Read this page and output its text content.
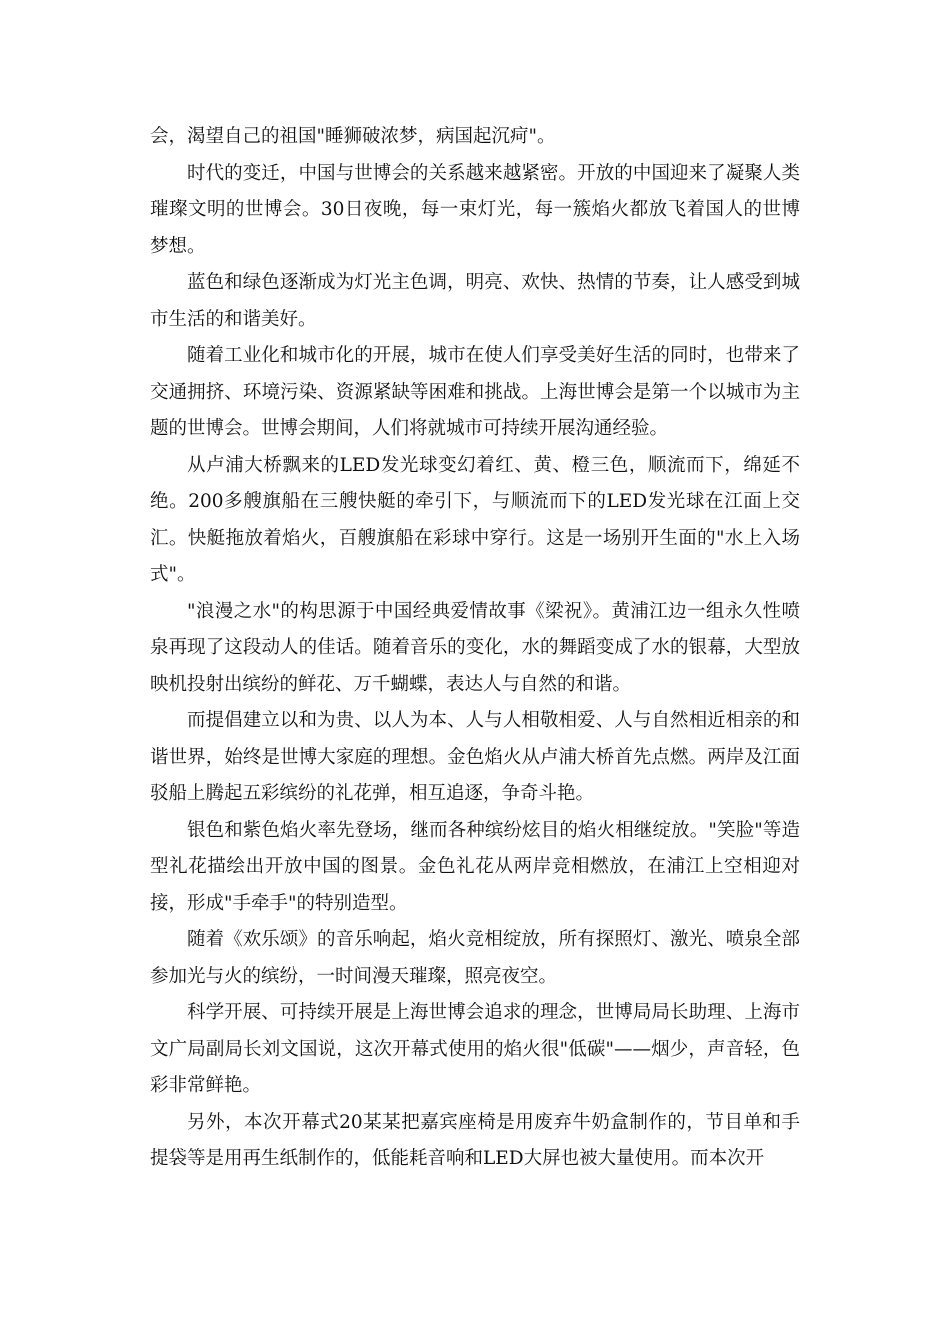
会，渴望自己的祖国"睡狮破浓梦，病国起沉疴"。

时代的变迁，中国与世博会的关系越来越紧密。开放的中国迎来了凝聚人类璀璨文明的世博会。30日夜晚，每一束灯光，每一簇焰火都放飞着国人的世博梦想。

蓝色和绿色逐渐成为灯光主色调，明亮、欢快、热情的节奏，让人感受到城市生活的和谐美好。

随着工业化和城市化的开展，城市在使人们享受美好生活的同时，也带来了交通拥挤、环境污染、资源紧缺等困难和挑战。上海世博会是第一个以城市为主题的世博会。世博会期间，人们将就城市可持续开展沟通经验。

从卢浦大桥飘来的LED发光球变幻着红、黄、橙三色，顺流而下，绵延不绝。200多艘旗船在三艘快艇的牵引下，与顺流而下的LED发光球在江面上交汇。快艇拖放着焰火，百艘旗船在彩球中穿行。这是一场别开生面的"水上入场式"。

"浪漫之水"的构思源于中国经典爱情故事《梁祝》。黄浦江边一组永久性喷泉再现了这段动人的佳话。随着音乐的变化，水的舞蹈变成了水的银幕，大型放映机投射出缤纷的鲜花、万千蝴蝶，表达人与自然的和谐。

而提倡建立以和为贵、以人为本、人与人相敬相爱、人与自然相近相亲的和谐世界，始终是世博大家庭的理想。金色焰火从卢浦大桥首先点燃。两岸及江面驳船上腾起五彩缤纷的礼花弹，相互追逐，争奇斗艳。

银色和紫色焰火率先登场，继而各种缤纷炫目的焰火相继绽放。"笑脸"等造型礼花描绘出开放中国的图景。金色礼花从两岸竞相燃放，在浦江上空相迎对接，形成"手牵手"的特别造型。

随着《欢乐颂》的音乐响起，焰火竞相绽放，所有探照灯、激光、喷泉全部参加光与火的缤纷，一时间漫天璀璨，照亮夜空。

科学开展、可持续开展是上海世博会追求的理念，世博局局长助理、上海市文广局副局长刘文国说，这次开幕式使用的焰火很"低碳"——烟少，声音轻，色彩非常鲜艳。

另外，本次开幕式20某某把嘉宾座椅是用废弃牛奶盒制作的，节目单和手提袋等是用再生纸制作的，低能耗音响和LED大屏也被大量使用。而本次开
